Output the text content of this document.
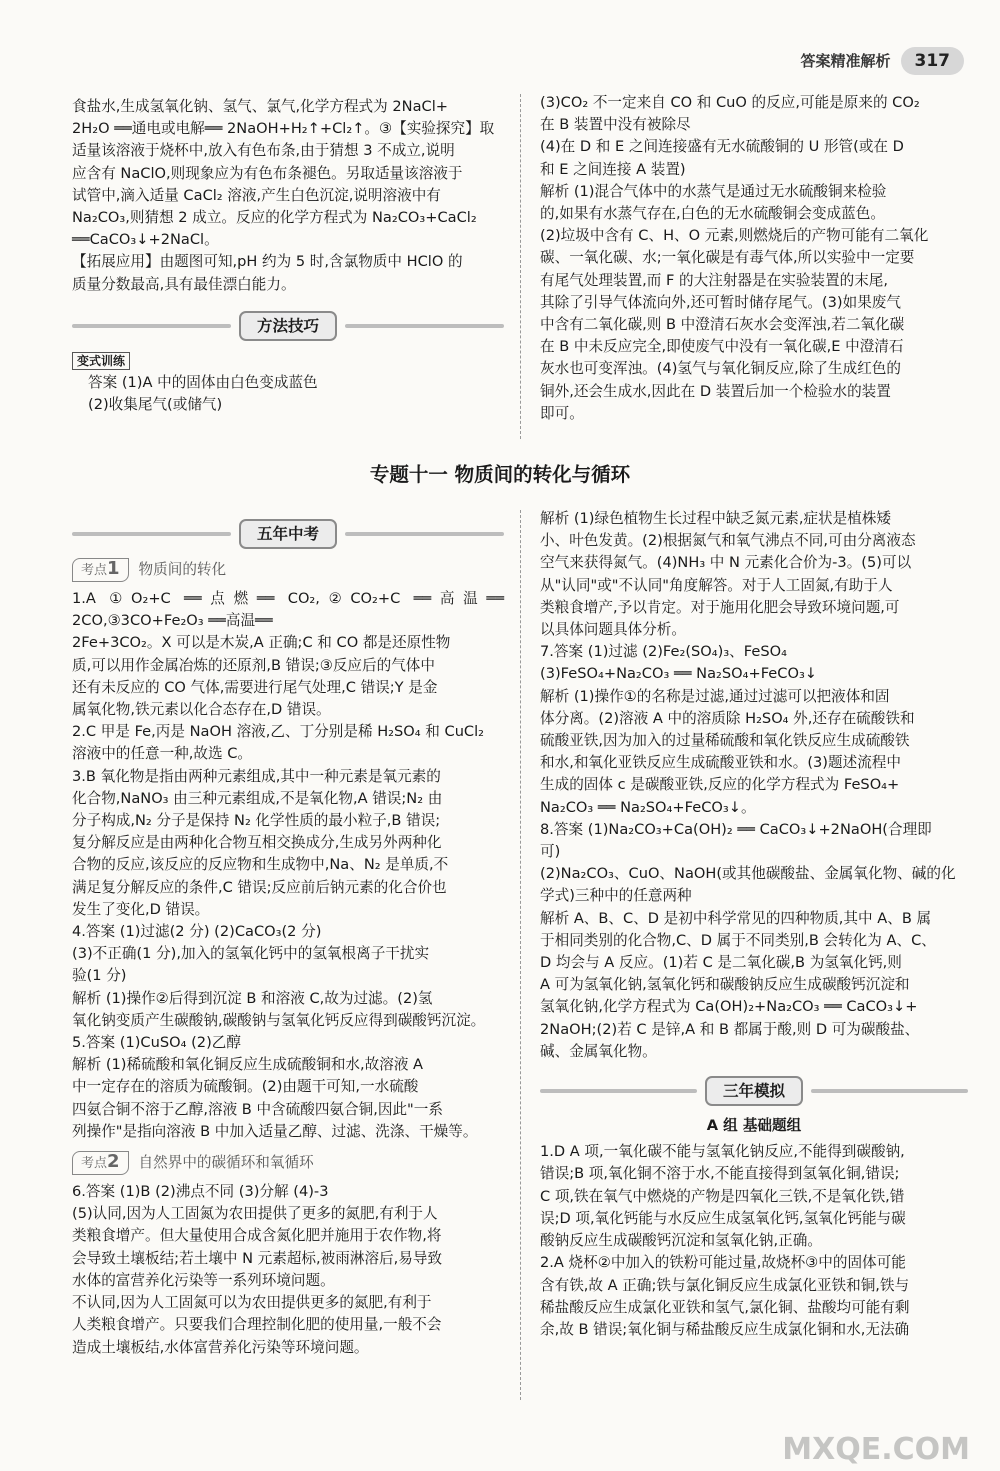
答案精准解析	317

食盐水,生成氢氧化钠、氢气、氯气,化学方程式为 2NaCl+

2H₂O ══通电或电解══ 2NaOH+H₂↑+Cl₂↑。③【实验探究】取

适量该溶液于烧杯中,放入有色布条,由于猜想 3 不成立,说明

应含有 NaClO,则现象应为有色布条褪色。另取适量该溶液于

试管中,滴入适量 CaCl₂ 溶液,产生白色沉淀,说明溶液中有

Na₂CO₃,则猜想 2 成立。反应的化学方程式为 Na₂CO₃+CaCl₂

══CaCO₃↓+2NaCl。

【拓展应用】由题图可知,pH 约为 5 时,含氯物质中 HClO 的

质量分数最高,具有最佳漂白能力。

方法技巧
变式训练

答案 (1)A 中的固体由白色变成蓝色

(2)收集尾气(或储气)

(3)CO₂ 不一定来自 CO 和 CuO 的反应,可能是原来的 CO₂

在 B 装置中没有被除尽

(4)在 D 和 E 之间连接盛有无水硫酸铜的 U 形管(或在 D

和 E 之间连接 A 装置)

解析 (1)混合气体中的水蒸气是通过无水硫酸铜来检验

的,如果有水蒸气存在,白色的无水硫酸铜会变成蓝色。

(2)垃圾中含有 C、H、O 元素,则燃烧后的产物可能有二氧化

碳、一氧化碳、水;一氧化碳是有毒气体,所以实验中一定要

有尾气处理装置,而 F 的大注射器是在实验装置的末尾,

其除了引导气体流向外,还可暂时储存尾气。(3)如果废气

中含有二氧化碳,则 B 中澄清石灰水会变浑浊,若二氧化碳

在 B 中未反应完全,即使废气中没有一氧化碳,E 中澄清石

灰水也可变浑浊。(4)氢气与氧化铜反应,除了生成红色的

铜外,还会生成水,因此在 D 装置后加一个检验水的装置

即可。

专题十一 物质间的转化与循环
五年中考
考点1	物质间的转化

1.A ①O₂+C ══点燃══ CO₂,②CO₂+C ══高温══ 2CO,③3CO+Fe₂O₃ ══高温══

2Fe+3CO₂。X 可以是木炭,A 正确;C 和 CO 都是还原性物

质,可以用作金属冶炼的还原剂,B 错误;③反应后的气体中

还有未反应的 CO 气体,需要进行尾气处理,C 错误;Y 是金

属氧化物,铁元素以化合态存在,D 错误。

2.C 甲是 Fe,丙是 NaOH 溶液,乙、丁分别是稀 H₂SO₄ 和 CuCl₂

溶液中的任意一种,故选 C。

3.B 氧化物是指由两种元素组成,其中一种元素是氧元素的

化合物,NaNO₃ 由三种元素组成,不是氧化物,A 错误;N₂ 由

分子构成,N₂ 分子是保持 N₂ 化学性质的最小粒子,B 错误;

复分解反应是由两种化合物互相交换成分,生成另外两种化

合物的反应,该反应的反应物和生成物中,Na、N₂ 是单质,不

满足复分解反应的条件,C 错误;反应前后钠元素的化合价也

发生了变化,D 错误。

4.答案 (1)过滤(2 分) (2)CaCO₃(2 分)

(3)不正确(1 分),加入的氢氧化钙中的氢氧根离子干扰实

验(1 分)

解析 (1)操作②后得到沉淀 B 和溶液 C,故为过滤。(2)氢

氧化钠变质产生碳酸钠,碳酸钠与氢氧化钙反应得到碳酸钙沉淀。

5.答案 (1)CuSO₄ (2)乙醇

解析 (1)稀硫酸和氧化铜反应生成硫酸铜和水,故溶液 A

中一定存在的溶质为硫酸铜。(2)由题干可知,一水硫酸

四氨合铜不溶于乙醇,溶液 B 中含硫酸四氨合铜,因此"一系

列操作"是指向溶液 B 中加入适量乙醇、过滤、洗涤、干燥等。

考点2	自然界中的碳循环和氧循环

6.答案 (1)B (2)沸点不同 (3)分解 (4)-3

(5)认同,因为人工固氮为农田提供了更多的氮肥,有利于人

类粮食增产。但大量使用合成含氮化肥并施用于农作物,将

会导致土壤板结;若土壤中 N 元素超标,被雨淋溶后,易导致

水体的富营养化污染等一系列环境问题。

不认同,因为人工固氮可以为农田提供更多的氮肥,有利于

人类粮食增产。只要我们合理控制化肥的使用量,一般不会

造成土壤板结,水体富营养化污染等环境问题。

解析 (1)绿色植物生长过程中缺乏氮元素,症状是植株矮

小、叶色发黄。(2)根据氮气和氧气沸点不同,可由分离液态

空气来获得氮气。(4)NH₃ 中 N 元素化合价为-3。(5)可以

从"认同"或"不认同"角度解答。对于人工固氮,有助于人

类粮食增产,予以肯定。对于施用化肥会导致环境问题,可

以具体问题具体分析。

7.答案 (1)过滤 (2)Fe₂(SO₄)₃、FeSO₄

(3)FeSO₄+Na₂CO₃ ══ Na₂SO₄+FeCO₃↓

解析 (1)操作①的名称是过滤,通过过滤可以把液体和固

体分离。(2)溶液 A 中的溶质除 H₂SO₄ 外,还存在硫酸铁和

硫酸亚铁,因为加入的过量稀硫酸和氧化铁反应生成硫酸铁

和水,和氧化亚铁反应生成硫酸亚铁和水。(3)题述流程中

生成的固体 c 是碳酸亚铁,反应的化学方程式为 FeSO₄+

Na₂CO₃ ══ Na₂SO₄+FeCO₃↓。

8.答案 (1)Na₂CO₃+Ca(OH)₂ ══ CaCO₃↓+2NaOH(合理即

可)

(2)Na₂CO₃、CuO、NaOH(或其他碳酸盐、金属氧化物、碱的化

学式)三种中的任意两种

解析 A、B、C、D 是初中科学常见的四种物质,其中 A、B 属

于相同类别的化合物,C、D 属于不同类别,B 会转化为 A、C、

D 均会与 A 反应。(1)若 C 是二氧化碳,B 为氢氧化钙,则

A 可为氢氧化钠,氢氧化钙和碳酸钠反应生成碳酸钙沉淀和

氢氧化钠,化学方程式为 Ca(OH)₂+Na₂CO₃ ══ CaCO₃↓+

2NaOH;(2)若 C 是锌,A 和 B 都属于酸,则 D 可为碳酸盐、

碱、金属氧化物。

三年模拟
A 组 基础题组

1.D A 项,一氧化碳不能与氢氧化钠反应,不能得到碳酸钠,

错误;B 项,氧化铜不溶于水,不能直接得到氢氧化铜,错误;

C 项,铁在氧气中燃烧的产物是四氧化三铁,不是氧化铁,错

误;D 项,氧化钙能与水反应生成氢氧化钙,氢氧化钙能与碳

酸钠反应生成碳酸钙沉淀和氢氧化钠,正确。

2.A 烧杯②中加入的铁粉可能过量,故烧杯③中的固体可能

含有铁,故 A 正确;铁与氯化铜反应生成氯化亚铁和铜,铁与

稀盐酸反应生成氯化亚铁和氢气,氯化铜、盐酸均可能有剩

余,故 B 错误;氧化铜与稀盐酸反应生成氯化铜和水,无法确

MXQE.COM
